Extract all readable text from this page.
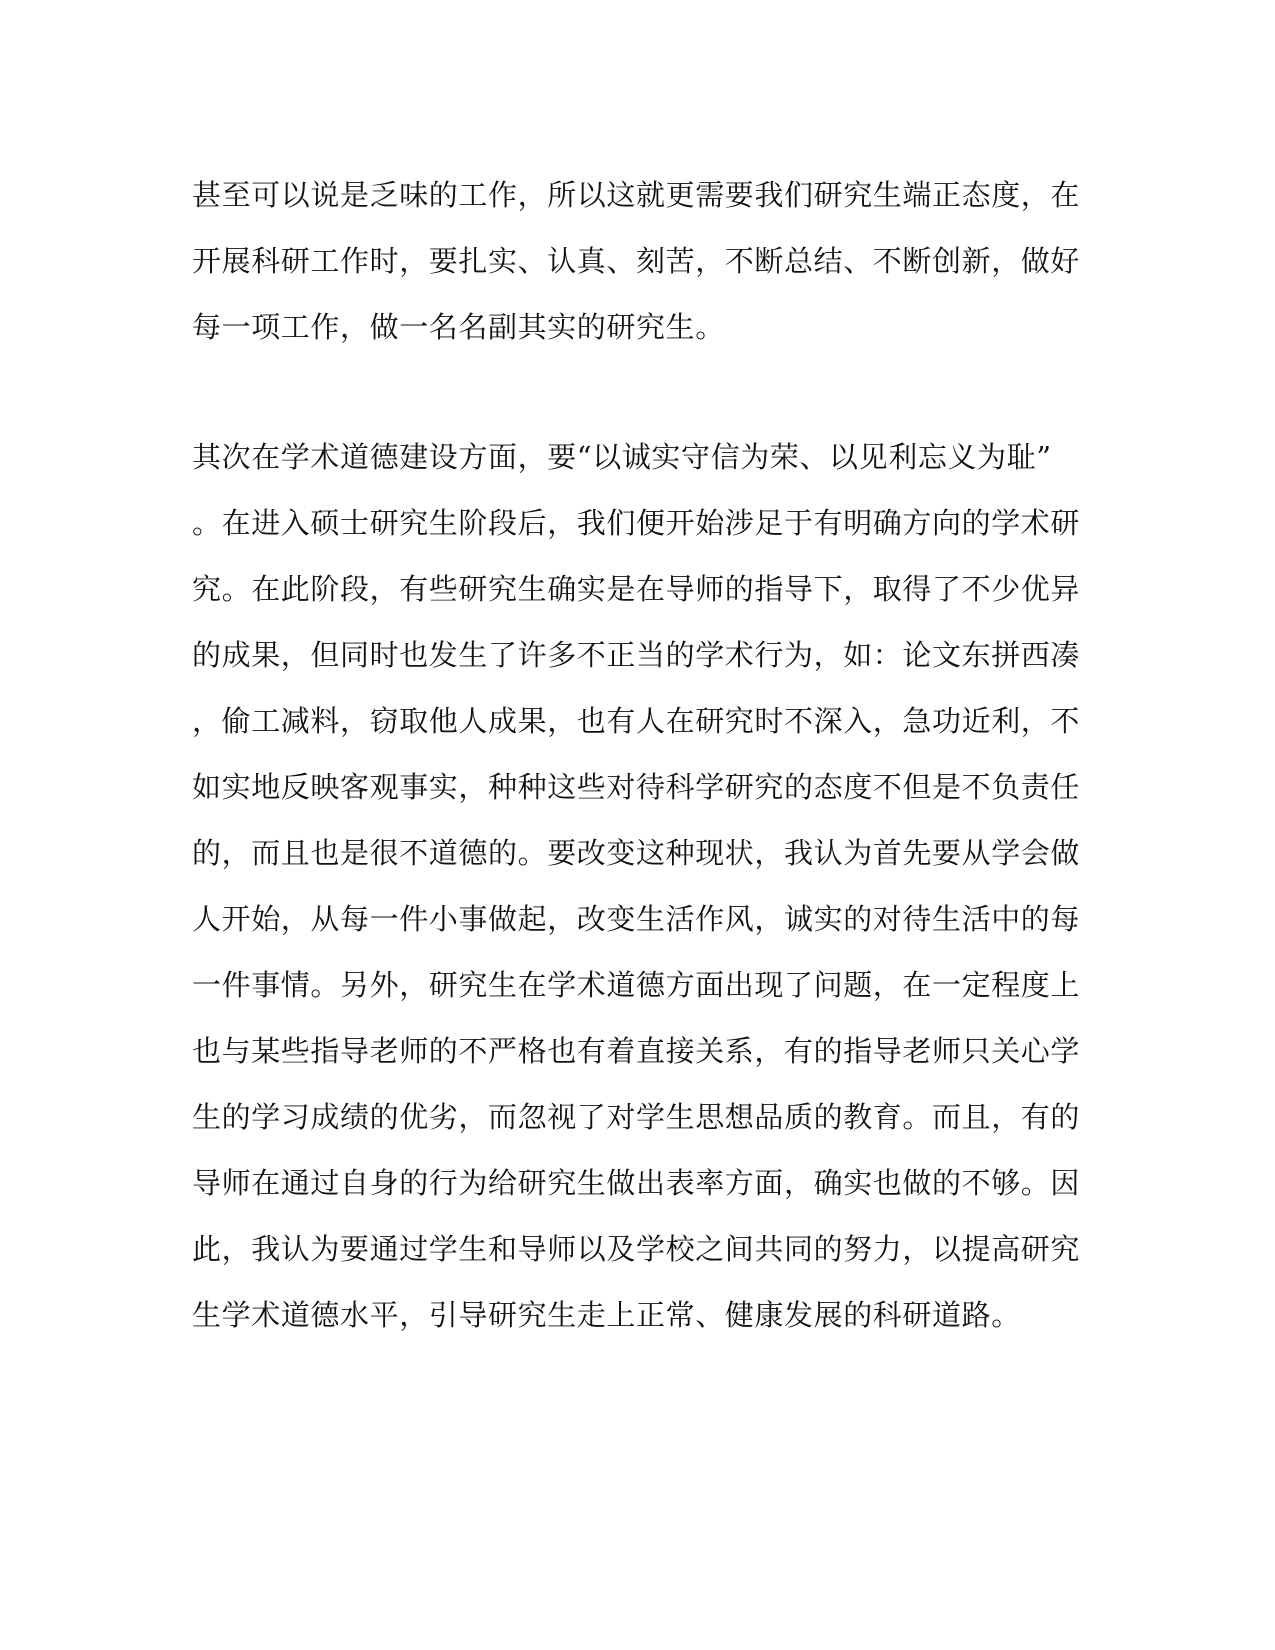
甚至可以说是乏味的工作，所以这就更需要我们研究生端正态度，在
开展科研工作时，要扎实、认真、刻苦，不断总结、不断创新，做好
每一项工作，做一名名副其实的研究生。
其次在学术道德建设方面，要“以诚实守信为荣、以见利忘义为耻”
。在进入硕士研究生阶段后，我们便开始涉足于有明确方向的学术研
究。在此阶段，有些研究生确实是在导师的指导下，取得了不少优异
的成果，但同时也发生了许多不正当的学术行为，如：论文东拼西凑
，偷工减料，窃取他人成果，也有人在研究时不深入，急功近利，不
如实地反映客观事实，种种这些对待科学研究的态度不但是不负责任
的，而且也是很不道德的。要改变这种现状，我认为首先要从学会做
人开始，从每一件小事做起，改变生活作风，诚实的对待生活中的每
一件事情。另外，研究生在学术道德方面出现了问题，在一定程度上
也与某些指导老师的不严格也有着直接关系，有的指导老师只关心学
生的学习成绩的优劣，而忽视了对学生思想品质的教育。而且，有的
导师在通过自身的行为给研究生做出表率方面，确实也做的不够。因
此，我认为要通过学生和导师以及学校之间共同的努力，以提高研究
生学术道德水平，引导研究生走上正常、健康发展的科研道路。
